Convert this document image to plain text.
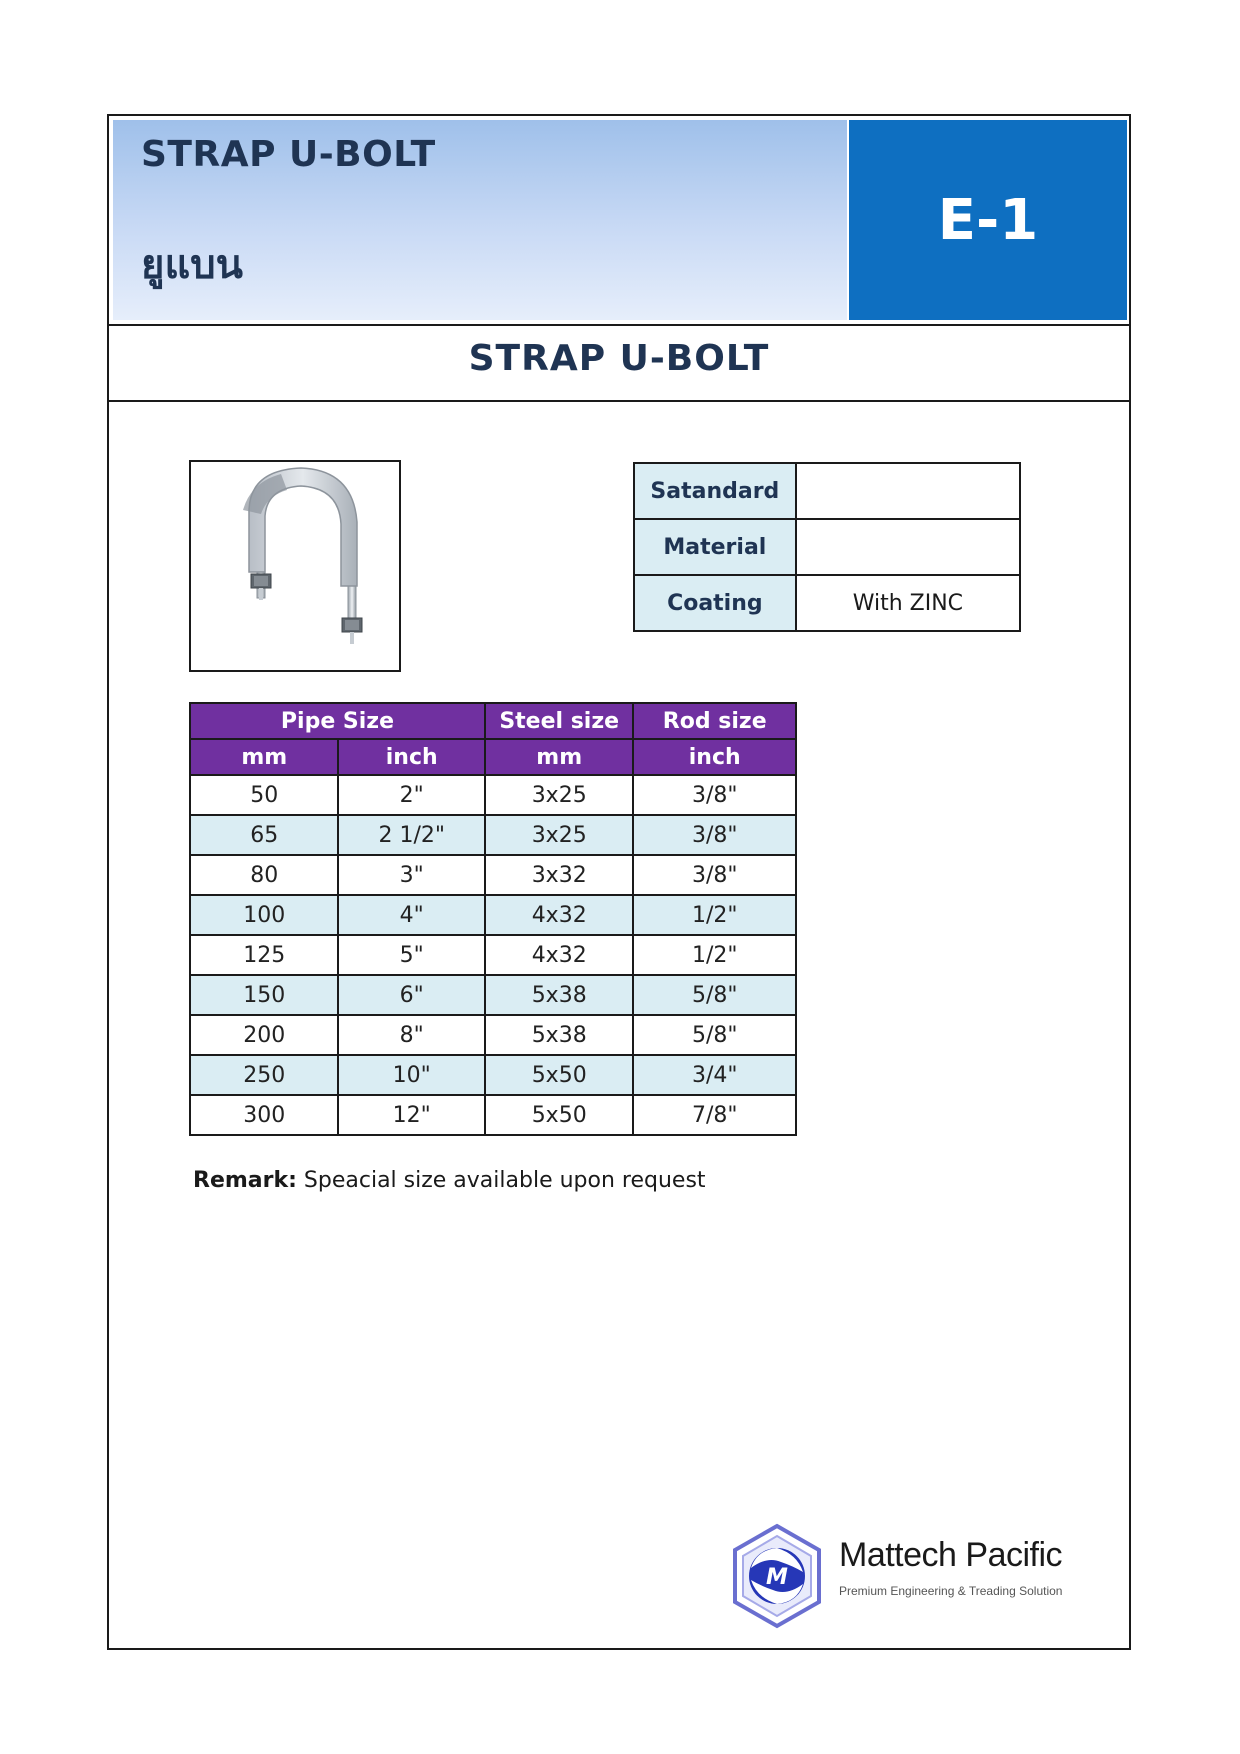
STRAP U-BOLT
ยูแบน
E-1
STRAP U-BOLT
Satandard	
Material	
Coating	With ZINC
Pipe Size		Steel size	Rod size
mm	inch	mm	inch
50	2"	3x25	3/8"
65	2 1/2"	3x25	3/8"
80	3"	3x32	3/8"
100	4"	4x32	1/2"
125	5"	4x32	1/2"
150	6"	5x38	5/8"
200	8"	5x38	5/8"
250	10"	5x50	3/4"
300	12"	5x50	7/8"
Remark: Speacial size available upon request
M
Mattech Pacific
Premium Engineering & Treading Solution
